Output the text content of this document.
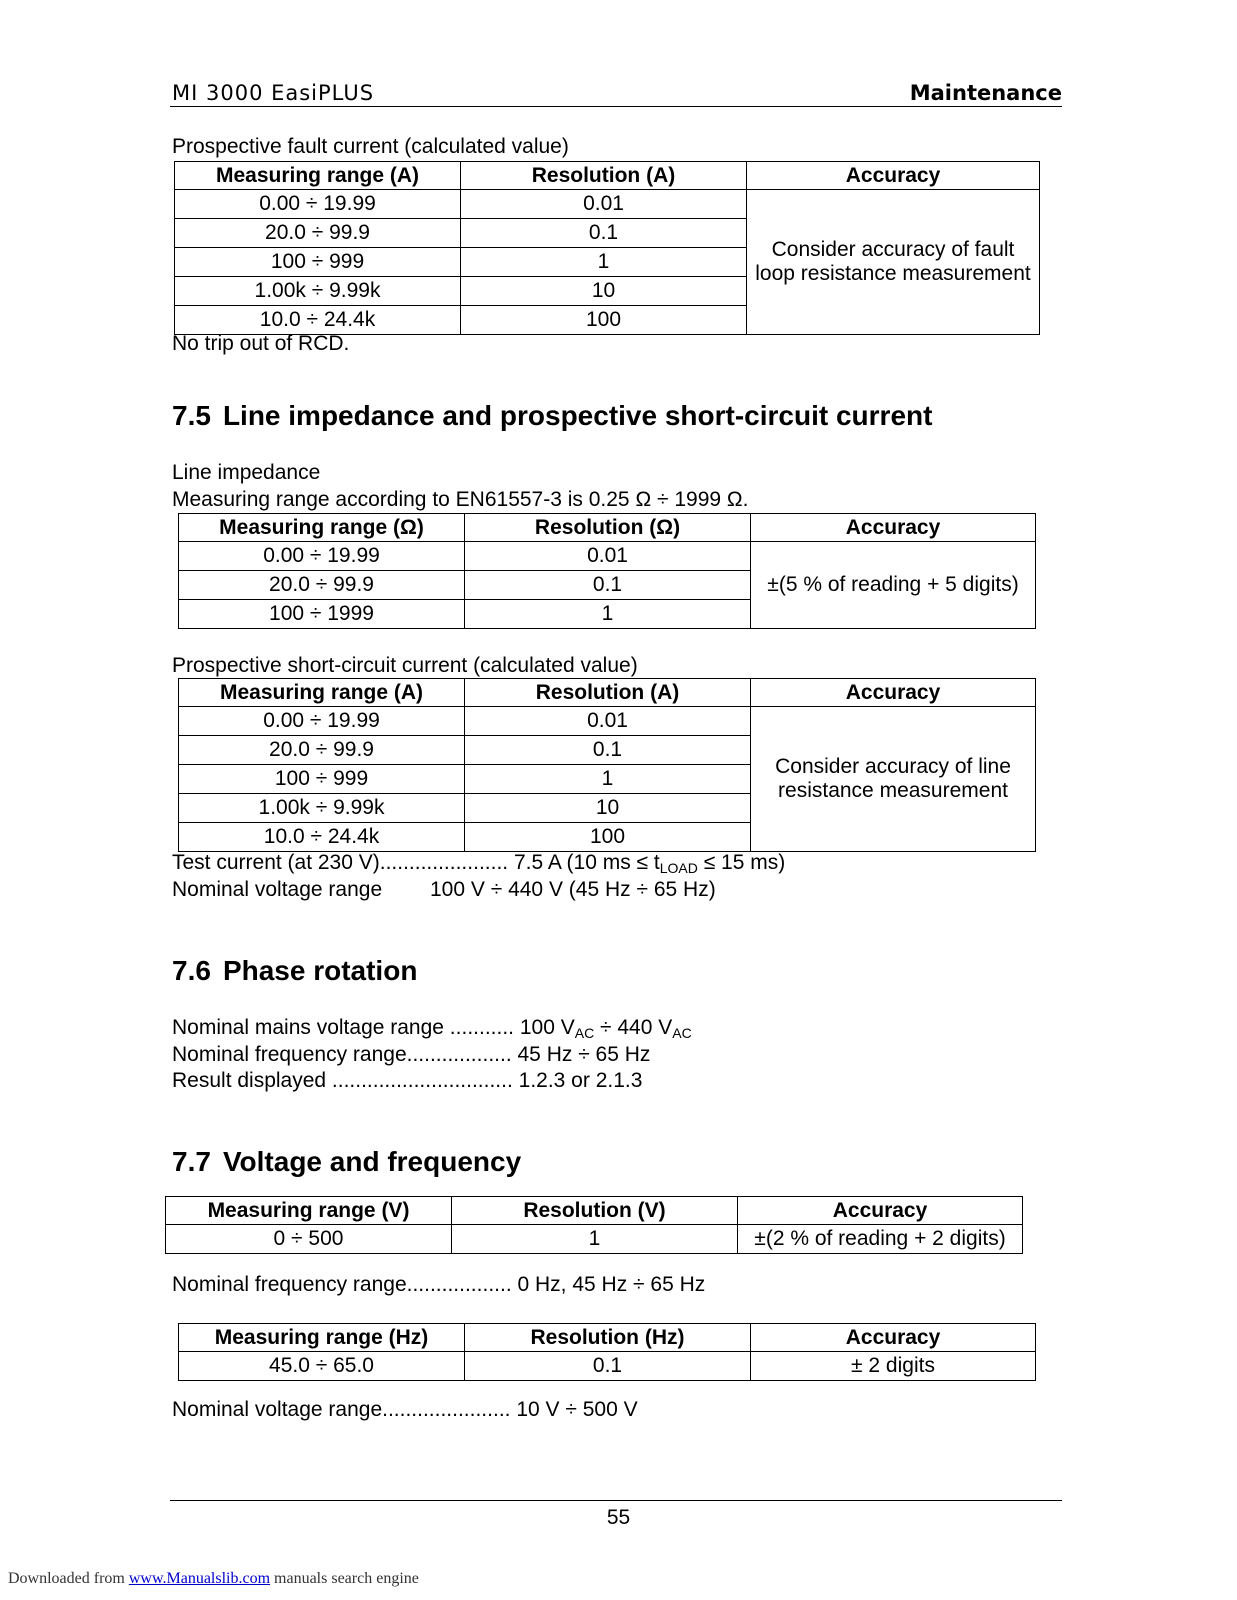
MI 3000 EasiPLUS	Maintenance
Prospective fault current (calculated value)
Measuring range (A)	Resolution (A)	Accuracy
0.00 ÷ 19.99	0.01	Consider accuracy of fault loop resistance measurement
20.0 ÷ 99.9	0.1	
100 ÷ 999	1	
1.00k ÷ 9.99k	10	
10.0 ÷ 24.4k	100	
No trip out of RCD.
7.5 Line impedance and prospective short-circuit current
Line impedance
Measuring range according to EN61557-3 is 0.25 Ω ÷ 1999 Ω.
Measuring range (Ω)	Resolution (Ω)	Accuracy
0.00 ÷ 19.99	0.01	±(5 % of reading + 5 digits)
20.0 ÷ 99.9	0.1	
100 ÷ 1999	1	
Prospective short-circuit current (calculated value)
Measuring range (A)	Resolution (A)	Accuracy
0.00 ÷ 19.99	0.01	Consider accuracy of line resistance measurement
20.0 ÷ 99.9	0.1	
100 ÷ 999	1	
1.00k ÷ 9.99k	10	
10.0 ÷ 24.4k	100	
Test current (at 230 V)...................... 7.5 A (10 ms ≤ $t_{LOAD} \le 15$ ms)
Nominal voltage range 100 V ÷ 440 V (45 Hz ÷ 65 Hz)
7.6 Phase rotation
Nominal mains voltage range ........... 100 $V_{AC} \div 440$ $V_{AC}$
Nominal frequency range.................. 45 Hz ÷ 65 Hz
Result displayed ............................... 1.2.3 or 2.1.3
7.7 Voltage and frequency
Measuring range (V)	Resolution (V)	Accuracy
0 ÷ 500	1	±(2 % of reading + 2 digits)
Nominal frequency range.................. 0 Hz, 45 Hz ÷ 65 Hz
Measuring range (Hz)	Resolution (Hz)	Accuracy
45.0 ÷ 65.0	0.1	± 2 digits
Nominal voltage range...................... 10 V ÷ 500 V
55
Downloaded from www.Manualslib.com manuals search engine
